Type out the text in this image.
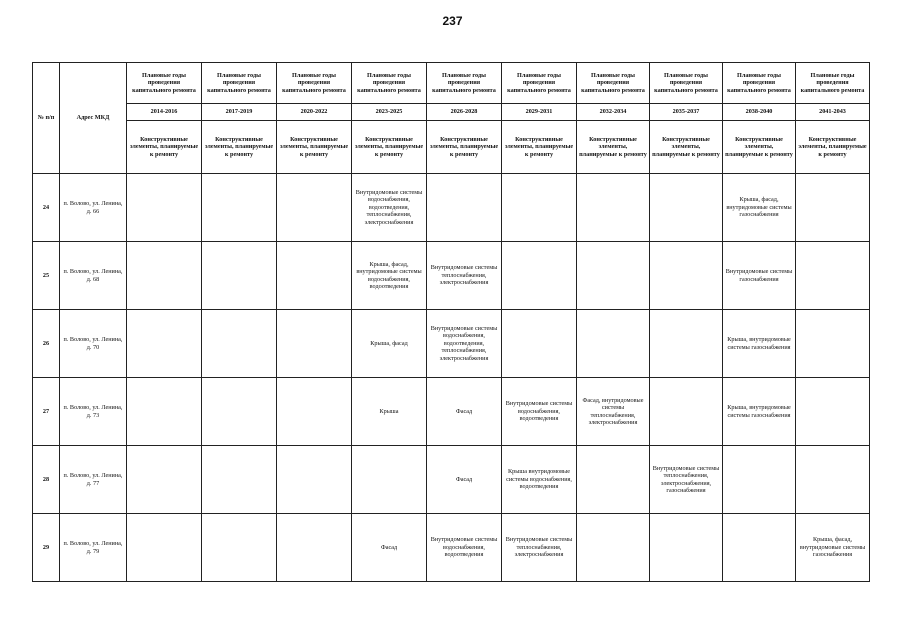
237
№ п/п	Адрес МКД	Плановые годы проведения капитального ремонта	Плановые годы проведения капитального ремонта	Плановые годы проведения капитального ремонта	Плановые годы проведения капитального ремонта	Плановые годы проведения капитального ремонта	Плановые годы проведения капитального ремонта	Плановые годы проведения капитального ремонта	Плановые годы проведения капитального ремонта	Плановые годы проведения капитального ремонта	Плановые годы проведения капитального ремонта
		2014-2016	2017-2019	2020-2022	2023-2025	2026-2028	2029-2031	2032-2034	2035-2037	2038-2040	2041-2043
		Конструктивные элементы, планируемые к ремонту	Конструктивные элементы, планируемые к ремонту	Конструктивные элементы, планируемые к ремонту	Конструктивные элементы, планируемые к ремонту	Конструктивные элементы, планируемые к ремонту	Конструктивные элементы, планируемые к ремонту	Конструктивные элементы, планируемые к ремонту	Конструктивные элементы, планируемые к ремонту	Конструктивные элементы, планируемые к ремонту	Конструктивные элементы, планируемые к ремонту
24	п. Волово, ул. Ленина, д. 66				Внутридомовые системы водоснабжения, водоотведения, теплоснабжения, электроснабжения					Крыша, фасад, внутридомовые системы газоснабжения	
25	п. Волово, ул. Ленина, д. 68				Крыша, фасад, внутридомовые системы водоснабжения, водоотведения	Внутридомовые системы теплоснабжения, электроснабжения				Внутридомовые системы газоснабжения	
26	п. Волово, ул. Ленина, д. 70				Крыша, фасад	Внутридомовые системы водоснабжения, водоотведения, теплоснабжения, электроснабжения				Крыша, внутридомовые системы газоснабжения	
27	п. Волово, ул. Ленина, д. 73				Крыша	Фасад	Внутридомовые системы водоснабжения, водоотведения	Фасад, внутридомовые системы теплоснабжения, электроснабжения		Крыша, внутридомовые системы газоснабжения	
28	п. Волово, ул. Ленина, д. 77					Фасад	Крыша внутридомовые системы водоснабжения, водоотведения		Внутридомовые системы теплоснабжения, электроснабжения, газоснабжения		
29	п. Волово, ул. Ленина, д. 79				Фасад	Внутридомовые системы водоснабжения, водоотведения	Внутридомовые системы теплоснабжения, электроснабжения				Крыша, фасад, внутридомовые системы газоснабжения
